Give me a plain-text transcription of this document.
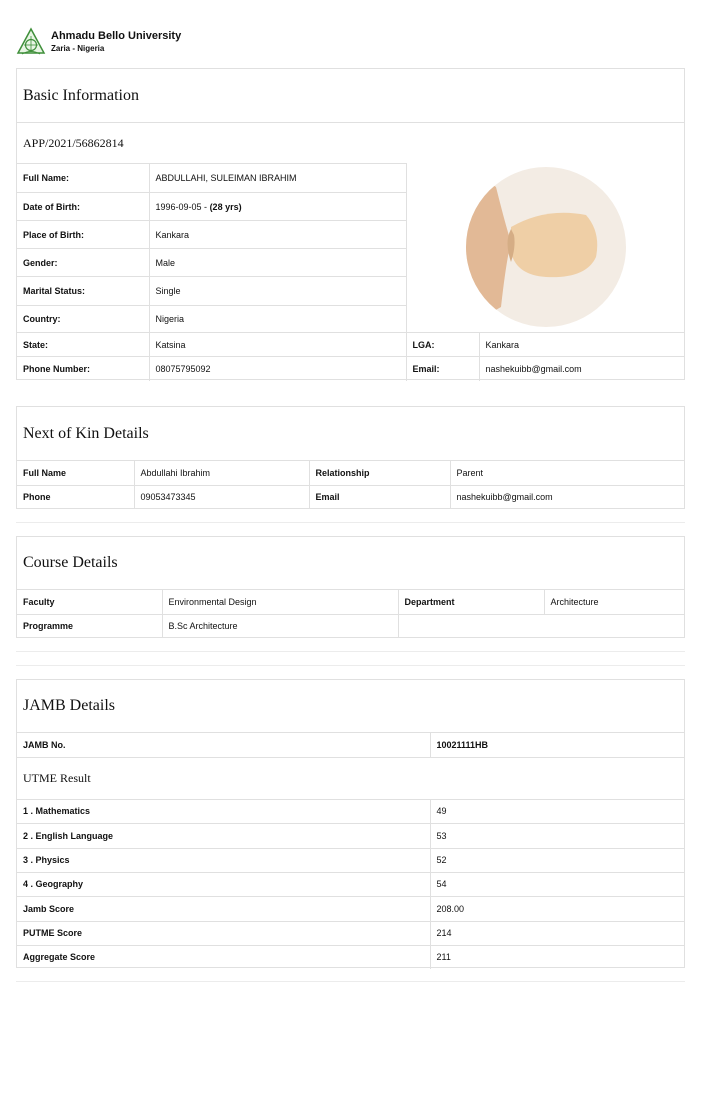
Ahmadu Bello University
Zaria - Nigeria
Basic Information
APP/2021/56862814
Full Name:	ABDULLAHI, SULEIMAN IBRAHIM		
Date of Birth:	1996-09-05 - (28 yrs)		
Place of Birth:	Kankara		
Gender:	Male		
Marital Status:	Single		
Country:	Nigeria		
State:	Katsina	LGA:	Kankara
Phone Number:	08075795092	Email:	nashekuibb@gmail.com
Next of Kin Details
Full Name	Abdullahi Ibrahim	Relationship	Parent
Phone	09053473345	Email	nashekuibb@gmail.com
Course Details
Faculty	Environmental Design	Department	Architecture
Programme	B.Sc Architecture		
JAMB Details
JAMB No.	10021111HB
UTME Result	
1 . Mathematics	49
2 . English Language	53
3 . Physics	52
4 . Geography	54
Jamb Score	208.00
PUTME Score	214
Aggregate Score	211
